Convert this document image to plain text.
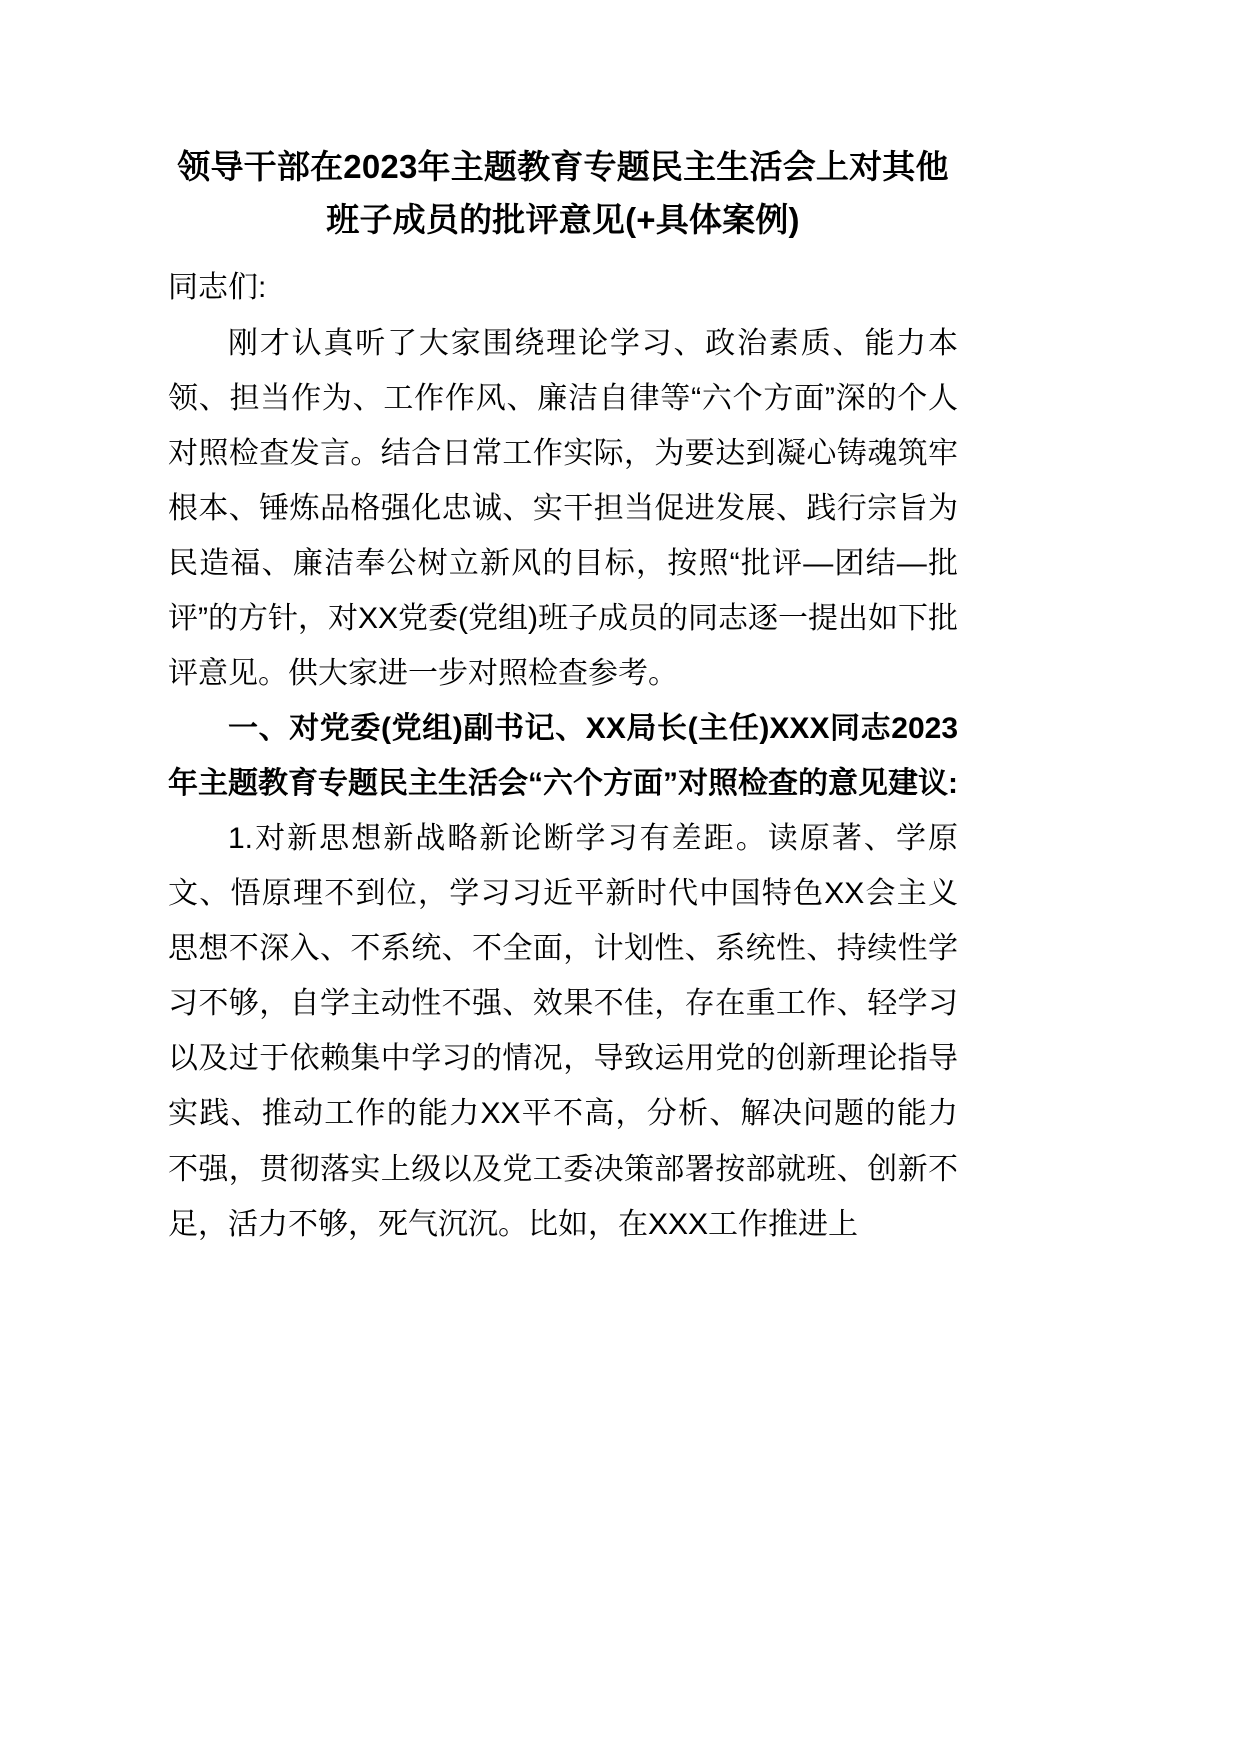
领导干部在2023年主题教育专题民主生活会上对其他班子成员的批评意见(+具体案例)

同志们:

刚才认真听了大家围绕理论学习、政治素质、能力本领、担当作为、工作作风、廉洁自律等“六个方面”深的个人对照检查发言。结合日常工作实际，为要达到凝心铸魂筑牢根本、锤炼品格强化忠诚、实干担当促进发展、践行宗旨为民造福、廉洁奉公树立新风的目标，按照“批评—团结—批评”的方针，对XX党委(党组)班子成员的同志逐一提出如下批评意见。供大家进一步对照检查参考。

一、对党委(党组)副书记、XX局长(主任)XXX同志2023年主题教育专题民主生活会“六个方面”对照检查的意见建议:

1.对新思想新战略新论断学习有差距。读原著、学原文、悟原理不到位，学习习近平新时代中国特色XX会主义思想不深入、不系统、不全面，计划性、系统性、持续性学习不够，自学主动性不强、效果不佳，存在重工作、轻学习以及过于依赖集中学习的情况，导致运用党的创新理论指导实践、推动工作的能力XX平不高，分析、解决问题的能力不强，贯彻落实上级以及党工委决策部署按部就班、创新不足，活力不够，死气沉沉。比如，在XXX工作推进上
